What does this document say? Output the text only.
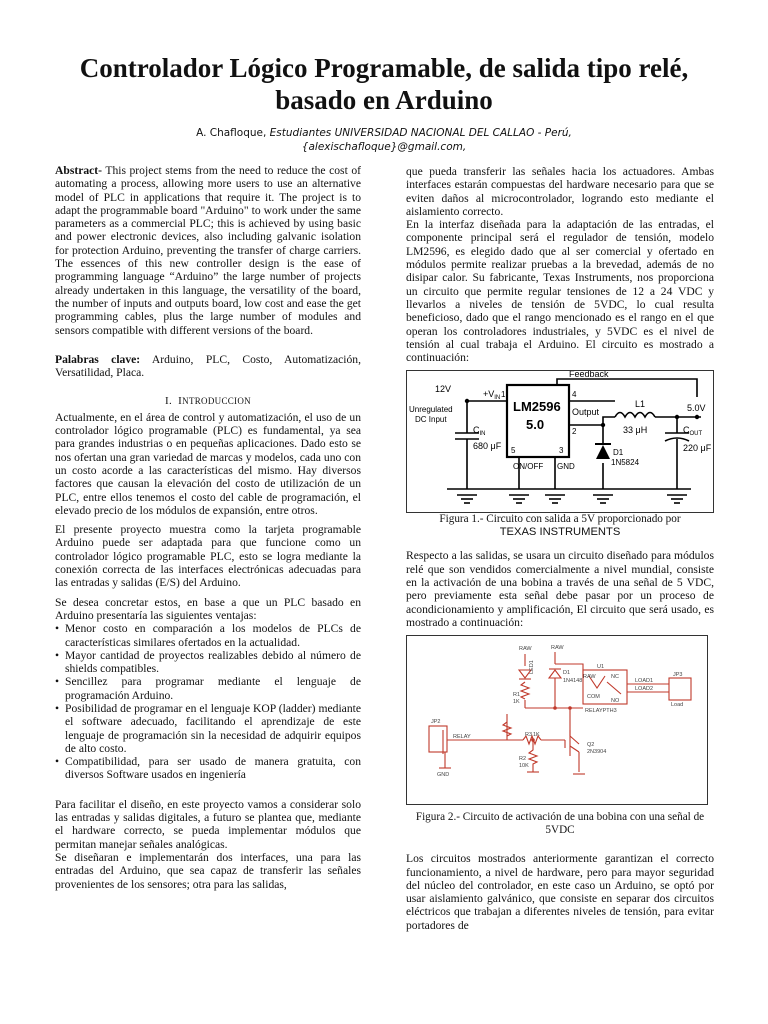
Controlador Lógico Programable, de salida tipo relé, basado en Arduino
A. Chafloque, Estudiantes UNIVERSIDAD NACIONAL DEL CALLAO - Perú,
{alexischafloque}@gmail.com,

Abstract- This project stems from the need to reduce the cost of automating a process, allowing more users to use an alternative model of PLC in applications that require it. The project is to adapt the programmable board "Arduino" to work under the same parameters as a commercial PLC; this is achieved by using basic and power electronic devices, also including galvanic isolation for protection Arduino, preventing the transfer of charge carriers. The essences of this new controller design is the ease of programming language “Arduino” the large number of projects already undertaken in this language, the versatility of the board, the number of inputs and outputs board, low cost and ease the get programming cables, plus the large number of modules and sensors compatible with different versions of the board.

Palabras clave: Arduino, PLC, Costo, Automatización, Versatilidad, Placa.

I. INTRODUCCION

Actualmente, en el área de control y automatización, el uso de un controlador lógico programable (PLC) es fundamental, ya sea para grandes industrias o en pequeñas aplicaciones. Dado esto se nos ofertan una gran variedad de marcas y modelos, cada uno con un costo acorde a las características del mismo. Hay diversos factores que causan la elevación del costo de utilización de un PLC, entre ellos tenemos el costo del cable de programación, el elevado precio de los módulos de expansión, entre otros.

El presente proyecto muestra como la tarjeta programable Arduino puede ser adaptada para que funcione como un controlador lógico programable PLC, esto se logra mediante la conexión correcta de las interfaces electrónicas adecuadas para las entradas y salidas (E/S) del Arduino.

Se desea concretar estos, en base a que un PLC basado en Arduino presentaría las siguientes ventajas:

• Menor costo en comparación a los modelos de PLCs de características similares ofertados en la actualidad.
• Mayor cantidad de proyectos realizables debido al número de shields compatibles.
• Sencillez para programar mediante el lenguaje de programación Arduino.
• Posibilidad de programar en el lenguaje KOP (ladder) mediante el software adecuado, facilitando el aprendizaje de este lenguaje de programación sin la necesidad de adquirir equipos de alto costo.
• Compatibilidad, para ser usado de manera gratuita, con diversos Software usados en ingeniería

Para facilitar el diseño, en este proyecto vamos a considerar solo las entradas y salidas digitales, a futuro se plantea que, mediante el hardware correcto, se pueda implementar módulos que permitan manejar señales analógicas.

Se diseñaran e implementarán dos interfaces, una para las entradas del Arduino, que sea capaz de transferir las señales provenientes de los sensores; otra para las salidas,

que pueda transferir las señales hacia los actuadores. Ambas interfaces estarán compuestas del hardware necesario para que se eviten daños al microcontrolador, logrando esto mediante el aislamiento correcto.

En la interfaz diseñada para la adaptación de las entradas, el componente principal será el regulador de tensión, modelo LM2596, es elegido dado que al ser comercial y ofertado en módulos permite realizar pruebas a la brevedad, además de no disipar calor. Su fabricante, Texas Instruments, nos proporciona un circuito que permite regular tensiones de 12 a 24 VDC y llevarlos a niveles de tensión de 5VDC, lo cual resulta beneficioso, dado que el rango mencionado es el rango en el que operan los controladores industriales, y 5VDC es el nivel de tensión al cual trabaja el Arduino. El circuito es mostrado a continuación:

Feedback
12V
Unregulated
DC Input
$+V_{IN}$
LM2596
5.0
1
2
3
4
5
Output
ON/OFF GND
680 μF
$C_{IN}$
L1
33 μH
D1
1N5824
$C_{OUT}$
220 μF
5.0V
Figura 1.- Circuito con salida a 5V proporcionado por
TEXAS INSTRUMENTS

Respecto a las salidas, se usara un circuito diseñado para módulos relé que son vendidos comercialmente a nivel mundial, consiste en la activación de una bobina a través de una señal de 5 VDC, pero previamente esta señal debe pasar por un proceso de acondicionamiento y amplificación, El circuito que será usado, es mostrado a continuación:

RAW	RAW
RAW
LED1	D1
1N4148
R1
1K
R2
10K
R3 1K
U1
RELAYPTH3
COM
NC
NO
LOAD1
LOAD2
JP3
Load
JP2
RELAY
GND
Q2
2N3904
Figura 2.- Circuito de activación de una bobina con una señal de 5VDC

Los circuitos mostrados anteriormente garantizan el correcto funcionamiento, a nivel de hardware, pero para mayor seguridad del núcleo del controlador, en este caso un Arduino, se optó por usar aislamiento galvánico, que consiste en separar dos circuitos eléctricos que trabajan a diferentes niveles de tensión, para evitar portadores de
